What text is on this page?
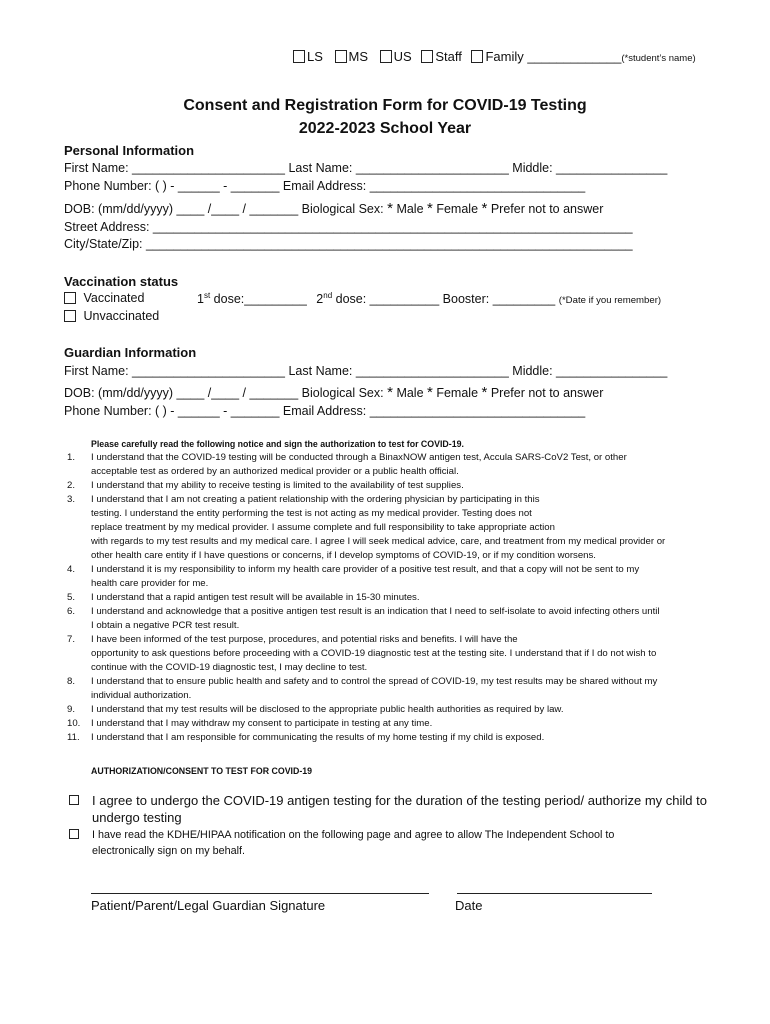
LS MS US Staff Family _____________(*student’s name)
Consent and Registration Form for COVID-19 Testing
2022-2023 School Year
Personal Information
First Name: ______________________ Last Name: ______________________ Middle: ________________
Phone Number: ( ) - ______ - _______ Email Address: _______________________________
DOB: (mm/dd/yyyy) ____ /____ / _______ Biological Sex: * Male * Female * Prefer not to answer
Street Address: _____________________________________________________________________
City/State/Zip: ______________________________________________________________________
Vaccination status
Vaccinated
Unvaccinated
1st dose:_________ 2nd dose: __________ Booster: _________ (*Date if you remember)
Guardian Information
First Name: ______________________ Last Name: ______________________ Middle: ________________
DOB: (mm/dd/yyyy) ____ /____ / _______ Biological Sex: * Male * Female * Prefer not to answer
Phone Number: ( ) - ______ - _______ Email Address: _______________________________
Please carefully read the following notice and sign the authorization to test for COVID-19.
1.	I understand that the COVID-19 testing will be conducted through a BinaxNOW antigen test, Accula SARS-CoV2 Test, or other
acceptable test as ordered by an authorized medical provider or a public health official.
2.	I understand that my ability to receive testing is limited to the availability of test supplies.
3.	I understand that I am not creating a patient relationship with the ordering physician by participating in this
testing. I understand the entity performing the test is not acting as my medical provider. Testing does not
replace treatment by my medical provider. I assume complete and full responsibility to take appropriate action
with regards to my test results and my medical care. I agree I will seek medical advice, care, and treatment from my medical provider or
other health care entity if I have questions or concerns, if I develop symptoms of COVID-19, or if my condition worsens.
4.	I understand it is my responsibility to inform my health care provider of a positive test result, and that a copy will not be sent to my
health care provider for me.
5.	I understand that a rapid antigen test result will be available in 15-30 minutes.
6.	I understand and acknowledge that a positive antigen test result is an indication that I need to self-isolate to avoid infecting others until
I obtain a negative PCR test result.
7.	I have been informed of the test purpose, procedures, and potential risks and benefits. I will have the
opportunity to ask questions before proceeding with a COVID-19 diagnostic test at the testing site. I understand that if I do not wish to
continue with the COVID-19 diagnostic test, I may decline to test.
8.	I understand that to ensure public health and safety and to control the spread of COVID-19, my test results may be shared without my
individual authorization.
9.	I understand that my test results will be disclosed to the appropriate public health authorities as required by law.
10.	I understand that I may withdraw my consent to participate in testing at any time.
11.	I understand that I am responsible for communicating the results of my home testing if my child is exposed.
AUTHORIZATION/CONSENT TO TEST FOR COVID-19
I agree to undergo the COVID-19 antigen testing for the duration of the testing period/ authorize my child to
undergo testing
I have read the KDHE/HIPAA notification on the following page and agree to allow The Independent School to
electronically sign on my behalf.
Patient/Parent/Legal Guardian Signature	Date
